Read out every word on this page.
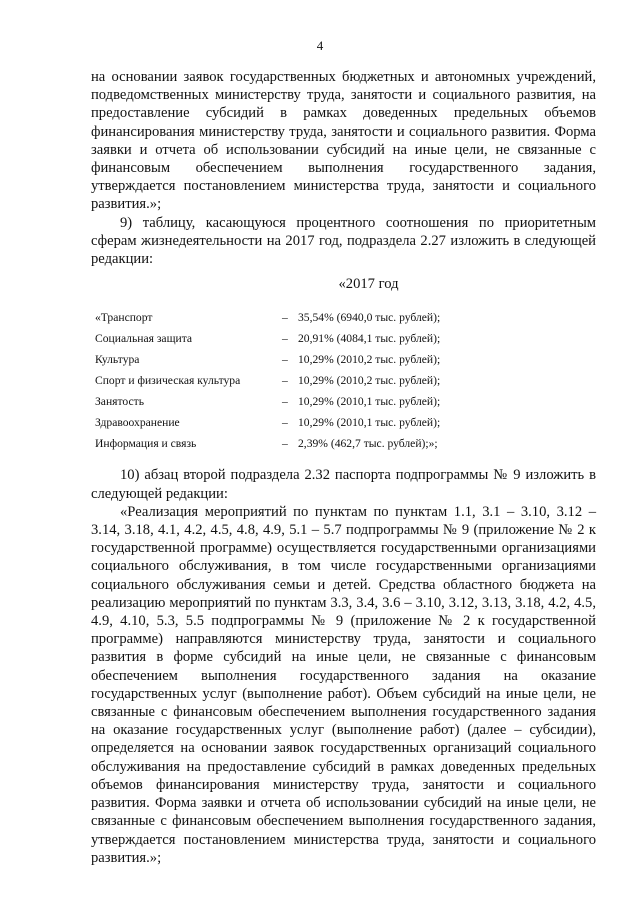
4

на основании заявок государственных бюджетных и автономных учреждений, подведомственных министерству труда, занятости и социального развития, на предоставление субсидий в рамках доведенных предельных объемов финансирования министерству труда, занятости и социального развития. Форма заявки и отчета об использовании субсидий на иные цели, не связанные с финансовым обеспечением выполнения государственного задания, утверждается постановлением министерства труда, занятости и социального развития.»;

9) таблицу, касающуюся процентного соотношения по приоритетным сферам жизнедеятельности на 2017 год, подраздела 2.27 изложить в следующей редакции:

«2017 год

«Транспорт	–	35,54% (6940,0 тыс. рублей);
Социальная защита	–	20,91% (4084,1 тыс. рублей);
Культура	–	10,29% (2010,2 тыс. рублей);
Спорт и физическая культура	–	10,29% (2010,2 тыс. рублей);
Занятость	–	10,29% (2010,1 тыс. рублей);
Здравоохранение	–	10,29% (2010,1 тыс. рублей);
Информация и связь	–	2,39% (462,7 тыс. рублей);»;

10) абзац второй подраздела 2.32 паспорта подпрограммы № 9 изложить в следующей редакции:

«Реализация мероприятий по пунктам по пунктам 1.1, 3.1 – 3.10, 3.12 – 3.14, 3.18, 4.1, 4.2, 4.5, 4.8, 4.9, 5.1 – 5.7 подпрограммы № 9 (приложение № 2 к государственной программе) осуществляется государственными организациями социального обслуживания, в том числе государственными организациями социального обслуживания семьи и детей. Средства областного бюджета на реализацию мероприятий по пунктам 3.3, 3.4, 3.6 – 3.10, 3.12, 3.13, 3.18, 4.2, 4.5, 4.9, 4.10, 5.3, 5.5 подпрограммы № 9 (приложение № 2 к государственной программе) направляются министерству труда, занятости и социального развития в форме субсидий на иные цели, не связанные с финансовым обеспечением выполнения государственного задания на оказание государственных услуг (выполнение работ). Объем субсидий на иные цели, не связанные с финансовым обеспечением выполнения государственного задания на оказание государственных услуг (выполнение работ) (далее – субсидии), определяется на основании заявок государственных организаций социального обслуживания на предоставление субсидий в рамках доведенных предельных объемов финансирования министерству труда, занятости и социального развития. Форма заявки и отчета об использовании субсидий на иные цели, не связанные с финансовым обеспечением выполнения государственного задания, утверждается постановлением министерства труда, занятости и социального развития.»;
